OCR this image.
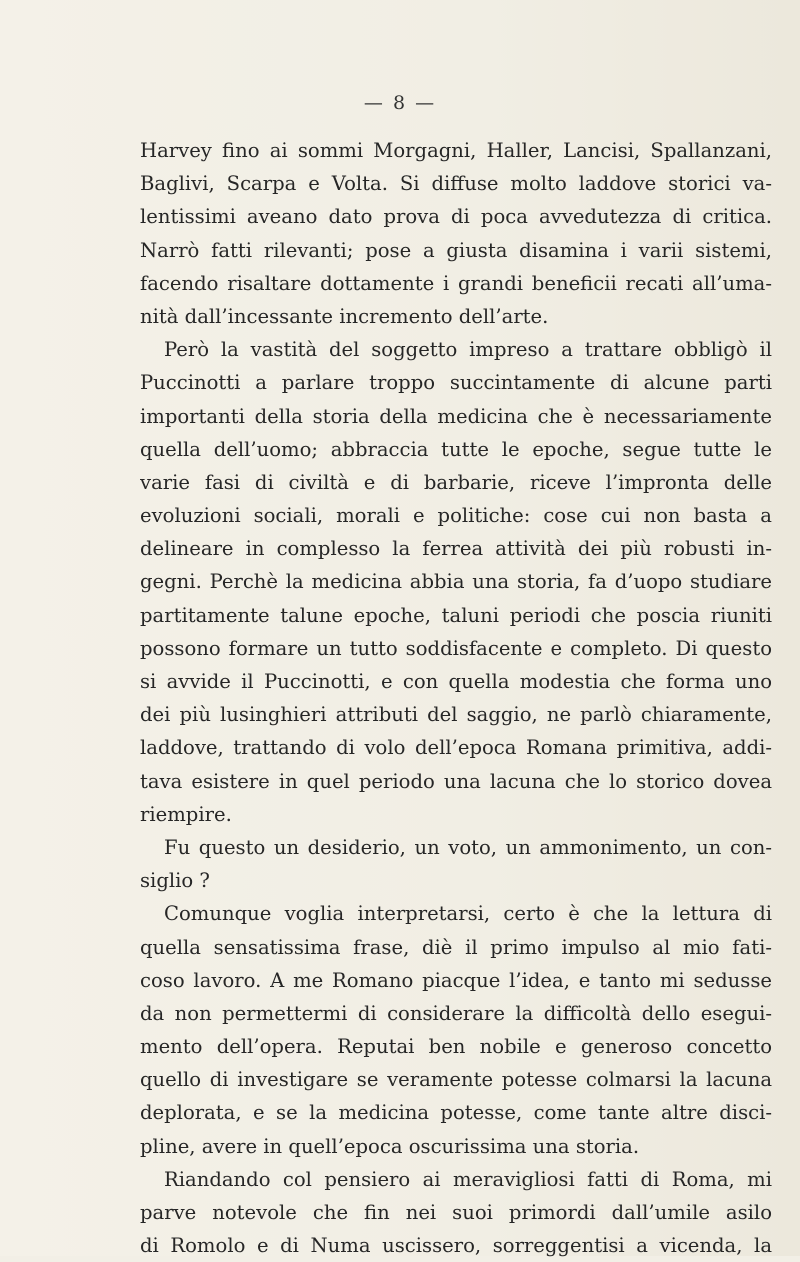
— 8 —
Harvey fino ai sommi Morgagni, Haller, Lancisi, Spallanzani,
Baglivi, Scarpa e Volta. Si diffuse molto laddove storici va-
lentissimi aveano dato prova di poca avvedutezza di critica.
Narrò fatti rilevanti; pose a giusta disamina i varii sistemi,
facendo risaltare dottamente i grandi beneficii recati all’uma-
nità dall’incessante incremento dell’arte.
Però la vastità del soggetto impreso a trattare obbligò il
Puccinotti a parlare troppo succintamente di alcune parti
importanti della storia della medicina che è necessariamente
quella dell’uomo; abbraccia tutte le epoche, segue tutte le
varie fasi di civiltà e di barbarie, riceve l’impronta delle
evoluzioni sociali, morali e politiche: cose cui non basta a
delineare in complesso la ferrea attività dei più robusti in-
gegni. Perchè la medicina abbia una storia, fa d’uopo studiare
partitamente talune epoche, taluni periodi che poscia riuniti
possono formare un tutto soddisfacente e completo. Di questo
si avvide il Puccinotti, e con quella modestia che forma uno
dei più lusinghieri attributi del saggio, ne parlò chiaramente,
laddove, trattando di volo dell’epoca Romana primitiva, addi-
tava esistere in quel periodo una lacuna che lo storico dovea
riempire.
Fu questo un desiderio, un voto, un ammonimento, un con-
siglio ?
Comunque voglia interpretarsi, certo è che la lettura di
quella sensatissima frase, diè il primo impulso al mio fati-
coso lavoro. A me Romano piacque l’idea, e tanto mi sedusse
da non permettermi di considerare la difficoltà dello esegui-
mento dell’opera. Reputai ben nobile e generoso concetto
quello di investigare se veramente potesse colmarsi la lacuna
deplorata, e se la medicina potesse, come tante altre disci-
pline, avere in quell’epoca oscurissima una storia.
Riandando col pensiero ai meravigliosi fatti di Roma, mi
parve notevole che fin nei suoi primordi dall’umile asilo
di Romolo e di Numa uscissero, sorreggentisi a vicenda, la
